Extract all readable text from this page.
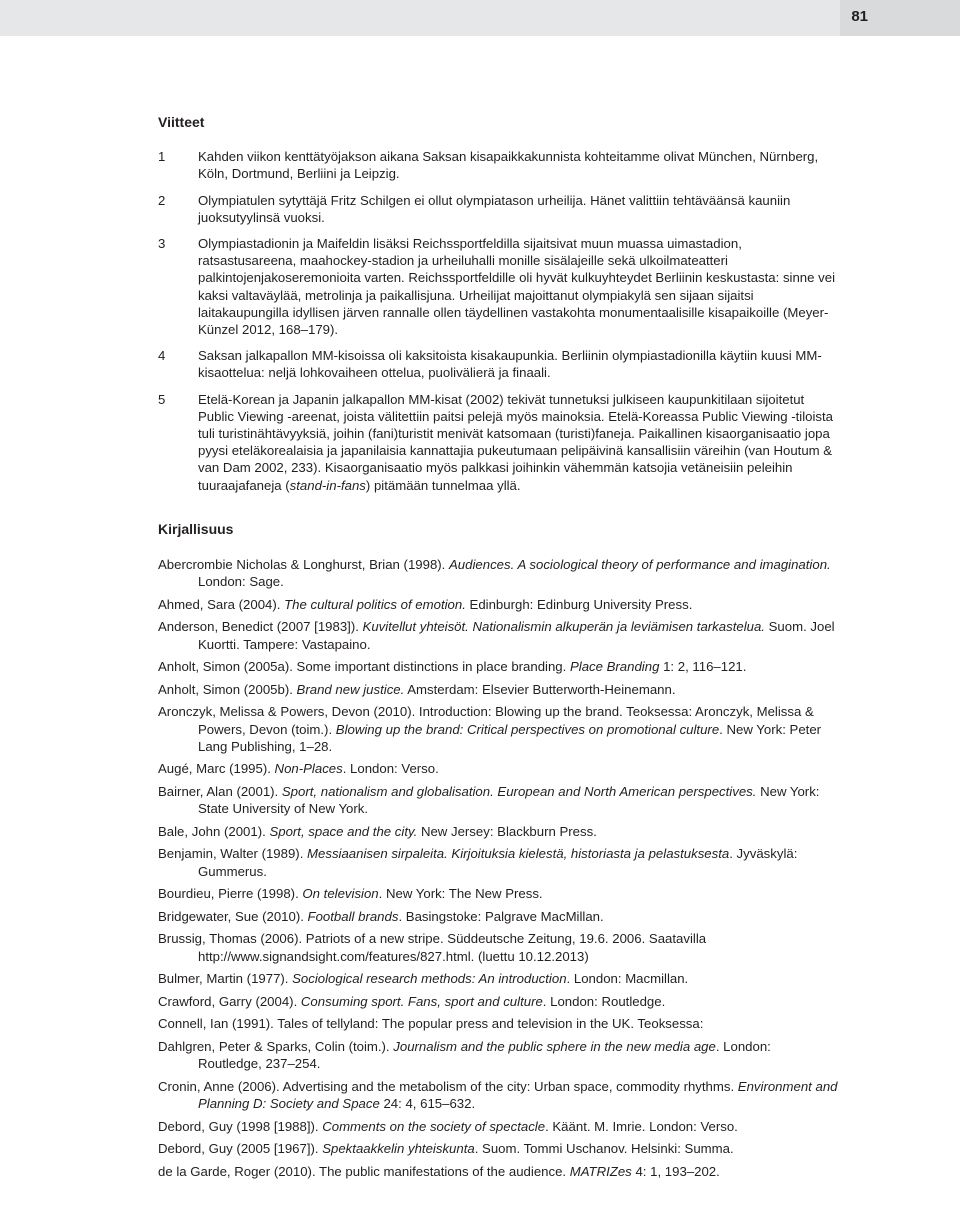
81
Viitteet
1 Kahden viikon kenttätyöjakson aikana Saksan kisapaikkakunnista kohteitamme olivat München, Nürnberg, Köln, Dortmund, Berliini ja Leipzig.
2 Olympiatulen sytyttäjä Fritz Schilgen ei ollut olympiatason urheilija. Hänet valittiin tehtäväänsä kauniin juoksutyylinsä vuoksi.
3 Olympiastadionin ja Maifeldin lisäksi Reichssportfeldilla sijaitsivat muun muassa uimastadion, ratsastusareena, maahockey-stadion ja urheiluhalli monille sisälajeille sekä ulkoilmateatteri palkintojenjakoseremonioita varten. Reichssportfeldille oli hyvät kulkuyhteydet Berliinin keskustasta: sinne vei kaksi valtaväylää, metrolinja ja paikallisjuna. Urheilijat majoittanut olympiakylä sen sijaan sijaitsi laitakaupungilla idyllisen järven rannalle ollen täydellinen vastakohta monumentaalisille kisapaikoille (Meyer-Künzel 2012, 168–179).
4 Saksan jalkapallon MM-kisoissa oli kaksitoista kisakaupunkia. Berliinin olympiastadionilla käytiin kuusi MM-kisaottelua: neljä lohkovaiheen ottelua, puolivälierä ja finaali.
5 Etelä-Korean ja Japanin jalkapallon MM-kisat (2002) tekivät tunnetuksi julkiseen kaupunkitilaan sijoitetut Public Viewing -areenat, joista välitettiin paitsi pelejä myös mainoksia. Etelä-Koreassa Public Viewing -tiloista tuli turistinähtävyyksiä, joihin (fani)turistit menivät katsomaan (turisti)faneja. Paikallinen kisaorganisaatio jopa pyysi eteläkorealaisia ja japanilaisia kannattajia pukeutumaan pelipäivinä kansallisiin väreihin (van Houtum & van Dam 2002, 233). Kisaorganisaatio myös palkkasi joihinkin vähemmän katsojia vetäneisiin peleihin tuuraajafaneja (stand-in-fans) pitämään tunnelmaa yllä.
Kirjallisuus
Abercrombie Nicholas & Longhurst, Brian (1998). Audiences. A sociological theory of performance and imagination. London: Sage.
Ahmed, Sara (2004). The cultural politics of emotion. Edinburgh: Edinburg University Press.
Anderson, Benedict (2007 [1983]). Kuvitellut yhteisöt. Nationalismin alkuperän ja leviämisen tarkastelua. Suom. Joel Kuortti. Tampere: Vastapaino.
Anholt, Simon (2005a). Some important distinctions in place branding. Place Branding 1: 2, 116–121.
Anholt, Simon (2005b). Brand new justice. Amsterdam: Elsevier Butterworth-Heinemann.
Aronczyk, Melissa & Powers, Devon (2010). Introduction: Blowing up the brand. Teoksessa: Aronczyk, Melissa & Powers, Devon (toim.). Blowing up the brand: Critical perspectives on promotional culture. New York: Peter Lang Publishing, 1–28.
Augé, Marc (1995). Non-Places. London: Verso.
Bairner, Alan (2001). Sport, nationalism and globalisation. European and North American perspectives. New York: State University of New York.
Bale, John (2001). Sport, space and the city. New Jersey: Blackburn Press.
Benjamin, Walter (1989). Messiaanisen sirpaleita. Kirjoituksia kielestä, historiasta ja pelastuksesta. Jyväskylä: Gummerus.
Bourdieu, Pierre (1998). On television. New York: The New Press.
Bridgewater, Sue (2010). Football brands. Basingstoke: Palgrave MacMillan.
Brussig, Thomas (2006). Patriots of a new stripe. Süddeutsche Zeitung, 19.6. 2006. Saatavilla http://www.signandsight.com/features/827.html. (luettu 10.12.2013)
Bulmer, Martin (1977). Sociological research methods: An introduction. London: Macmillan.
Crawford, Garry (2004). Consuming sport. Fans, sport and culture. London: Routledge.
Connell, Ian (1991). Tales of tellyland: The popular press and television in the UK. Teoksessa:
Dahlgren, Peter & Sparks, Colin (toim.). Journalism and the public sphere in the new media age. London: Routledge, 237–254.
Cronin, Anne (2006). Advertising and the metabolism of the city: Urban space, commodity rhythms. Environment and Planning D: Society and Space 24: 4, 615–632.
Debord, Guy (1998 [1988]). Comments on the society of spectacle. Käänt. M. Imrie. London: Verso.
Debord, Guy (2005 [1967]). Spektaakkelin yhteiskunta. Suom. Tommi Uschanov. Helsinki: Summa.
de la Garde, Roger (2010). The public manifestations of the audience. MATRIZes 4: 1, 193–202.
